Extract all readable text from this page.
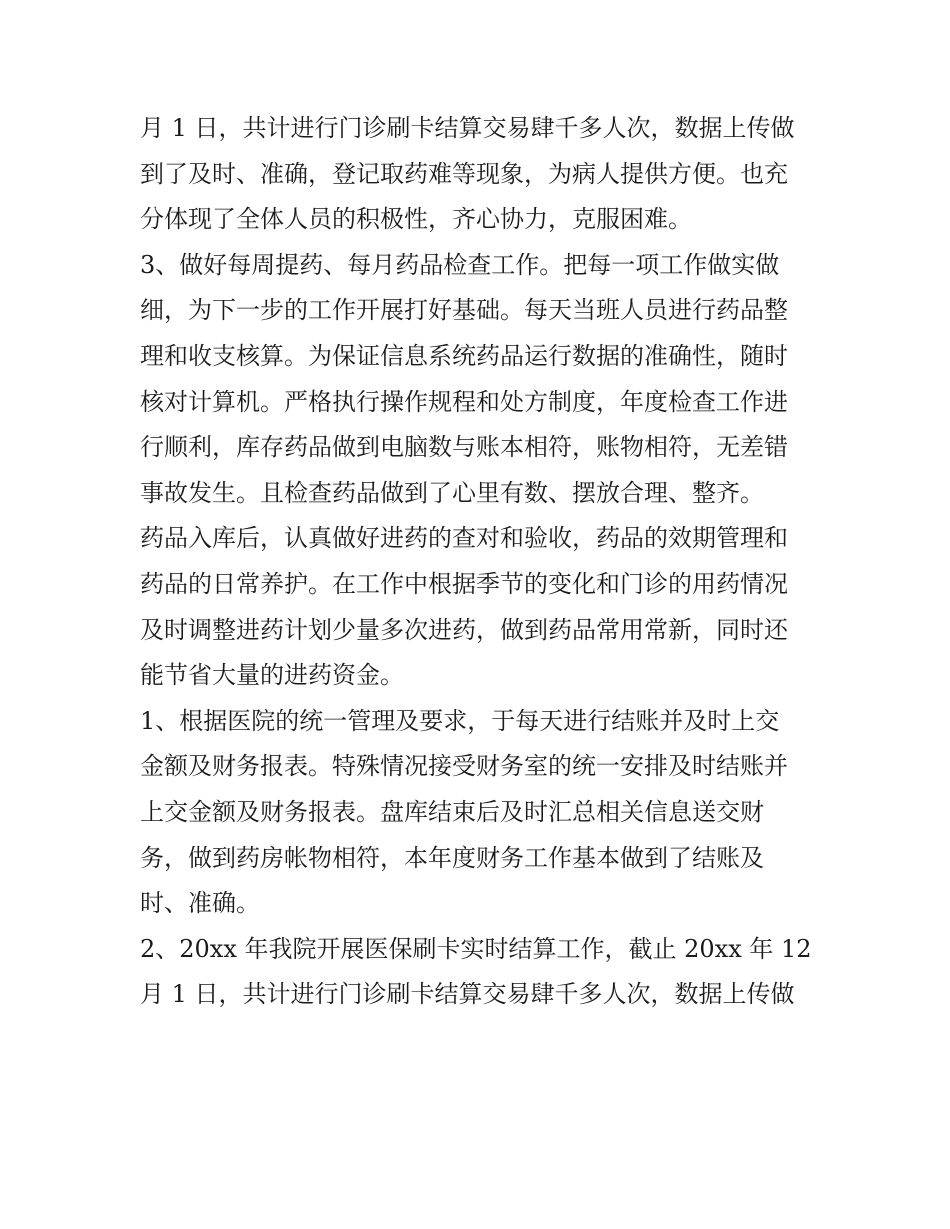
月 1 日，共计进行门诊刷卡结算交易肆千多人次，数据上传做
到了及时、准确，登记取药难等现象，为病人提供方便。也充
分体现了全体人员的积极性，齐心协力，克服困难。
3、做好每周提药、每月药品检查工作。把每一项工作做实做
细，为下一步的工作开展打好基础。每天当班人员进行药品整
理和收支核算。为保证信息系统药品运行数据的准确性，随时
核对计算机。严格执行操作规程和处方制度，年度检查工作进
行顺利，库存药品做到电脑数与账本相符，账物相符，无差错
事故发生。且检查药品做到了心里有数、摆放合理、整齐。
药品入库后，认真做好进药的查对和验收，药品的效期管理和
药品的日常养护。在工作中根据季节的变化和门诊的用药情况
及时调整进药计划少量多次进药，做到药品常用常新，同时还
能节省大量的进药资金。
1、根据医院的统一管理及要求，于每天进行结账并及时上交
金额及财务报表。特殊情况接受财务室的统一安排及时结账并
上交金额及财务报表。盘库结束后及时汇总相关信息送交财
务，做到药房帐物相符，本年度财务工作基本做到了结账及
时、准确。
2、20xx 年我院开展医保刷卡实时结算工作，截止 20xx 年 12
月 1 日，共计进行门诊刷卡结算交易肆千多人次，数据上传做
